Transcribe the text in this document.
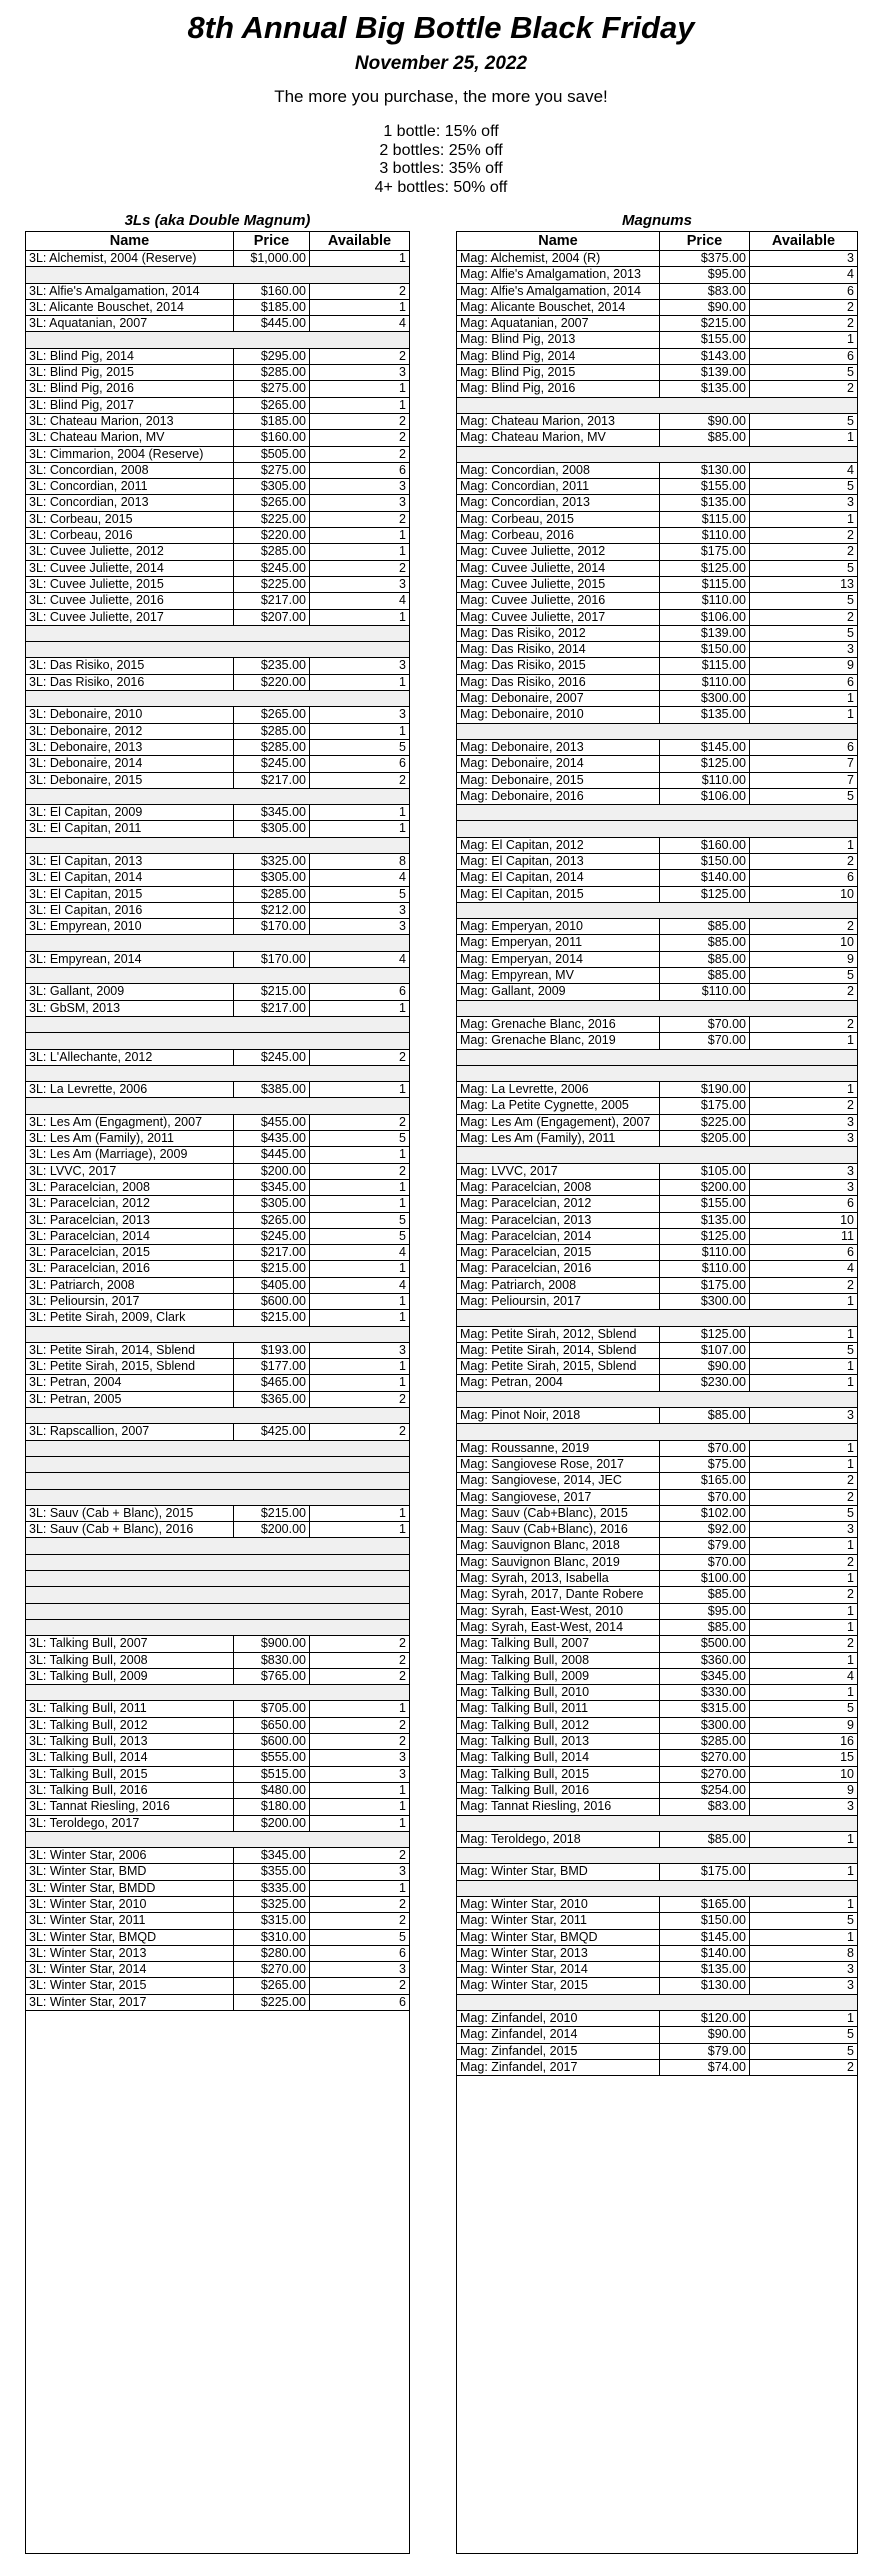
8th Annual Big Bottle Black Friday
November 25, 2022
The more you purchase, the more you save!
1 bottle: 15% off
2 bottles: 25% off
3 bottles: 35% off
4+ bottles: 50% off
3Ls (aka Double Magnum)
Name	Price	Available
3L: Alchemist, 2004 (Reserve)	$1,000.00	1
3L: Alfie's Amalgamation, 2014	$160.00	2
3L: Alicante Bouschet, 2014	$185.00	1
3L: Aquatanian, 2007	$445.00	4
3L: Blind Pig, 2014	$295.00	2
3L: Blind Pig, 2015	$285.00	3
3L: Blind Pig, 2016	$275.00	1
3L: Blind Pig, 2017	$265.00	1
3L: Chateau Marion, 2013	$185.00	2
3L: Chateau Marion, MV	$160.00	2
3L: Cimmarion, 2004 (Reserve)	$505.00	2
3L: Concordian, 2008	$275.00	6
3L: Concordian, 2011	$305.00	3
3L: Concordian, 2013	$265.00	3
3L: Corbeau, 2015	$225.00	2
3L: Corbeau, 2016	$220.00	1
3L: Cuvee Juliette, 2012	$285.00	1
3L: Cuvee Juliette, 2014	$245.00	2
3L: Cuvee Juliette, 2015	$225.00	3
3L: Cuvee Juliette, 2016	$217.00	4
3L: Cuvee Juliette, 2017	$207.00	1
3L: Das Risiko, 2015	$235.00	3
3L: Das Risiko, 2016	$220.00	1
3L: Debonaire, 2010	$265.00	3
3L: Debonaire, 2012	$285.00	1
3L: Debonaire, 2013	$285.00	5
3L: Debonaire, 2014	$245.00	6
3L: Debonaire, 2015	$217.00	2
3L: El Capitan, 2009	$345.00	1
3L: El Capitan, 2011	$305.00	1
3L: El Capitan, 2013	$325.00	8
3L: El Capitan, 2014	$305.00	4
3L: El Capitan, 2015	$285.00	5
3L: El Capitan, 2016	$212.00	3
3L: Empyrean, 2010	$170.00	3
3L: Empyrean, 2014	$170.00	4
3L: Gallant, 2009	$215.00	6
3L: GbSM, 2013	$217.00	1
3L: L'Allechante, 2012	$245.00	2
3L: La Levrette, 2006	$385.00	1
3L: Les Am (Engagment), 2007	$455.00	2
3L: Les Am (Family), 2011	$435.00	5
3L: Les Am (Marriage), 2009	$445.00	1
3L: LVVC, 2017	$200.00	2
3L: Paracelcian, 2008	$345.00	1
3L: Paracelcian, 2012	$305.00	1
3L: Paracelcian, 2013	$265.00	5
3L: Paracelcian, 2014	$245.00	5
3L: Paracelcian, 2015	$217.00	4
3L: Paracelcian, 2016	$215.00	1
3L: Patriarch, 2008	$405.00	4
3L: Pelioursin, 2017	$600.00	1
3L: Petite Sirah, 2009, Clark	$215.00	1
3L: Petite Sirah, 2014, Sblend	$193.00	3
3L: Petite Sirah, 2015, Sblend	$177.00	1
3L: Petran, 2004	$465.00	1
3L: Petran, 2005	$365.00	2
3L: Rapscallion, 2007	$425.00	2
3L: Sauv (Cab + Blanc), 2015	$215.00	1
3L: Sauv (Cab + Blanc), 2016	$200.00	1
3L: Talking Bull, 2007	$900.00	2
3L: Talking Bull, 2008	$830.00	2
3L: Talking Bull, 2009	$765.00	2
3L: Talking Bull, 2011	$705.00	1
3L: Talking Bull, 2012	$650.00	2
3L: Talking Bull, 2013	$600.00	2
3L: Talking Bull, 2014	$555.00	3
3L: Talking Bull, 2015	$515.00	3
3L: Talking Bull, 2016	$480.00	1
3L: Tannat Riesling, 2016	$180.00	1
3L: Teroldego, 2017	$200.00	1
3L: Winter Star, 2006	$345.00	2
3L: Winter Star, BMD	$355.00	3
3L: Winter Star, BMDD	$335.00	1
3L: Winter Star, 2010	$325.00	2
3L: Winter Star, 2011	$315.00	2
3L: Winter Star, BMQD	$310.00	5
3L: Winter Star, 2013	$280.00	6
3L: Winter Star, 2014	$270.00	3
3L: Winter Star, 2015	$265.00	2
3L: Winter Star, 2017	$225.00	6
Magnums
Name	Price	Available
Mag: Alchemist, 2004 (R)	$375.00	3
Mag: Alfie's Amalgamation, 2013	$95.00	4
Mag: Alfie's Amalgamation, 2014	$83.00	6
Mag: Alicante Bouschet, 2014	$90.00	2
Mag: Aquatanian, 2007	$215.00	2
Mag: Blind Pig, 2013	$155.00	1
Mag: Blind Pig, 2014	$143.00	6
Mag: Blind Pig, 2015	$139.00	5
Mag: Blind Pig, 2016	$135.00	2
Mag: Chateau Marion, 2013	$90.00	5
Mag: Chateau Marion, MV	$85.00	1
Mag: Concordian, 2008	$130.00	4
Mag: Concordian, 2011	$155.00	5
Mag: Concordian, 2013	$135.00	3
Mag: Corbeau, 2015	$115.00	1
Mag: Corbeau, 2016	$110.00	2
Mag: Cuvee Juliette, 2012	$175.00	2
Mag: Cuvee Juliette, 2014	$125.00	5
Mag: Cuvee Juliette, 2015	$115.00	13
Mag: Cuvee Juliette, 2016	$110.00	5
Mag: Cuvee Juliette, 2017	$106.00	2
Mag: Das Risiko, 2012	$139.00	5
Mag: Das Risiko, 2014	$150.00	3
Mag: Das Risiko, 2015	$115.00	9
Mag: Das Risiko, 2016	$110.00	6
Mag: Debonaire, 2007	$300.00	1
Mag: Debonaire, 2010	$135.00	1
Mag: Debonaire, 2013	$145.00	6
Mag: Debonaire, 2014	$125.00	7
Mag: Debonaire, 2015	$110.00	7
Mag: Debonaire, 2016	$106.00	5
Mag: El Capitan, 2012	$160.00	1
Mag: El Capitan, 2013	$150.00	2
Mag: El Capitan, 2014	$140.00	6
Mag: El Capitan, 2015	$125.00	10
Mag: Emperyan, 2010	$85.00	2
Mag: Emperyan, 2011	$85.00	10
Mag: Emperyan, 2014	$85.00	9
Mag: Empyrean, MV	$85.00	5
Mag: Gallant, 2009	$110.00	2
Mag: Grenache Blanc, 2016	$70.00	2
Mag: Grenache Blanc, 2019	$70.00	1
Mag: La Levrette, 2006	$190.00	1
Mag: La Petite Cygnette, 2005	$175.00	2
Mag: Les Am (Engagement), 2007	$225.00	3
Mag: Les Am (Family), 2011	$205.00	3
Mag: LVVC, 2017	$105.00	3
Mag: Paracelcian, 2008	$200.00	3
Mag: Paracelcian, 2012	$155.00	6
Mag: Paracelcian, 2013	$135.00	10
Mag: Paracelcian, 2014	$125.00	11
Mag: Paracelcian, 2015	$110.00	6
Mag: Paracelcian, 2016	$110.00	4
Mag: Patriarch, 2008	$175.00	2
Mag: Pelioursin, 2017	$300.00	1
Mag: Petite Sirah, 2012, Sblend	$125.00	1
Mag: Petite Sirah, 2014, Sblend	$107.00	5
Mag: Petite Sirah, 2015, Sblend	$90.00	1
Mag: Petran, 2004	$230.00	1
Mag: Pinot Noir, 2018	$85.00	3
Mag: Roussanne, 2019	$70.00	1
Mag: Sangiovese Rose, 2017	$75.00	1
Mag: Sangiovese, 2014, JEC	$165.00	2
Mag: Sangiovese, 2017	$70.00	2
Mag: Sauv (Cab+Blanc), 2015	$102.00	5
Mag: Sauv (Cab+Blanc), 2016	$92.00	3
Mag: Sauvignon Blanc, 2018	$79.00	1
Mag: Sauvignon Blanc, 2019	$70.00	2
Mag: Syrah, 2013, Isabella	$100.00	1
Mag: Syrah, 2017, Dante Robere	$85.00	2
Mag: Syrah, East-West, 2010	$95.00	1
Mag: Syrah, East-West, 2014	$85.00	1
Mag: Talking Bull, 2007	$500.00	2
Mag: Talking Bull, 2008	$360.00	1
Mag: Talking Bull, 2009	$345.00	4
Mag: Talking Bull, 2010	$330.00	1
Mag: Talking Bull, 2011	$315.00	5
Mag: Talking Bull, 2012	$300.00	9
Mag: Talking Bull, 2013	$285.00	16
Mag: Talking Bull, 2014	$270.00	15
Mag: Talking Bull, 2015	$270.00	10
Mag: Talking Bull, 2016	$254.00	9
Mag: Tannat Riesling, 2016	$83.00	3
Mag: Teroldego, 2018	$85.00	1
Mag: Winter Star, BMD	$175.00	1
Mag: Winter Star, 2010	$165.00	1
Mag: Winter Star, 2011	$150.00	5
Mag: Winter Star, BMQD	$145.00	1
Mag: Winter Star, 2013	$140.00	8
Mag: Winter Star, 2014	$135.00	3
Mag: Winter Star, 2015	$130.00	3
Mag: Zinfandel, 2010	$120.00	1
Mag: Zinfandel, 2014	$90.00	5
Mag: Zinfandel, 2015	$79.00	5
Mag: Zinfandel, 2017	$74.00	2
